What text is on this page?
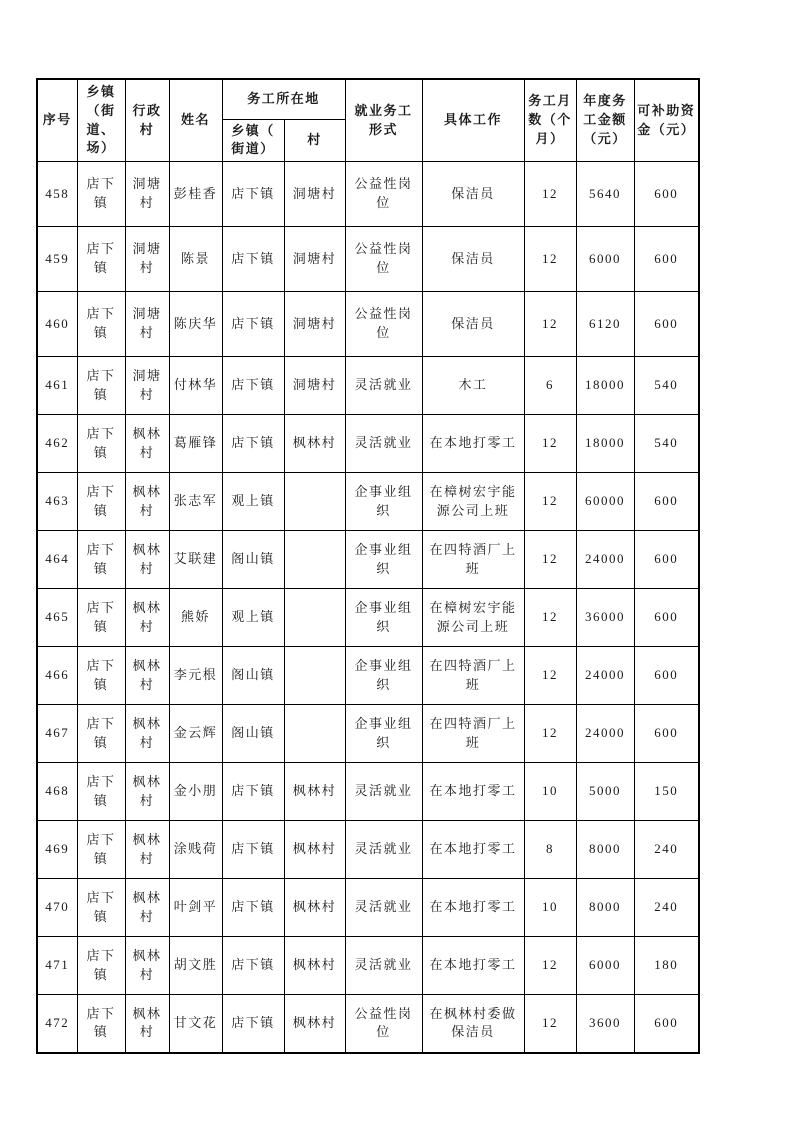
序号	乡镇（街道、场）	行政村	姓名	务工所在地		就业务工形式	具体工作	务工月数（个月）	年度务工金额（元）	可补助资金（元）
				乡镇（街道）	村					
458	店下镇	洞塘村	彭桂香	店下镇	洞塘村	公益性岗位	保洁员	12	5640	600
459	店下镇	洞塘村	陈景	店下镇	洞塘村	公益性岗位	保洁员	12	6000	600
460	店下镇	洞塘村	陈庆华	店下镇	洞塘村	公益性岗位	保洁员	12	6120	600
461	店下镇	洞塘村	付林华	店下镇	洞塘村	灵活就业	木工	6	18000	540
462	店下镇	枫林村	葛雁锋	店下镇	枫林村	灵活就业	在本地打零工	12	18000	540
463	店下镇	枫林村	张志军	观上镇		企事业组织	在樟树宏宇能源公司上班	12	60000	600
464	店下镇	枫林村	艾联建	阁山镇		企事业组织	在四特酒厂上班	12	24000	600
465	店下镇	枫林村	熊娇	观上镇		企事业组织	在樟树宏宇能源公司上班	12	36000	600
466	店下镇	枫林村	李元根	阁山镇		企事业组织	在四特酒厂上班	12	24000	600
467	店下镇	枫林村	金云辉	阁山镇		企事业组织	在四特酒厂上班	12	24000	600
468	店下镇	枫林村	金小朋	店下镇	枫林村	灵活就业	在本地打零工	10	5000	150
469	店下镇	枫林村	涂贱荷	店下镇	枫林村	灵活就业	在本地打零工	8	8000	240
470	店下镇	枫林村	叶剑平	店下镇	枫林村	灵活就业	在本地打零工	10	8000	240
471	店下镇	枫林村	胡文胜	店下镇	枫林村	灵活就业	在本地打零工	12	6000	180
472	店下镇	枫林村	甘文花	店下镇	枫林村	公益性岗位	在枫林村委做保洁员	12	3600	600
